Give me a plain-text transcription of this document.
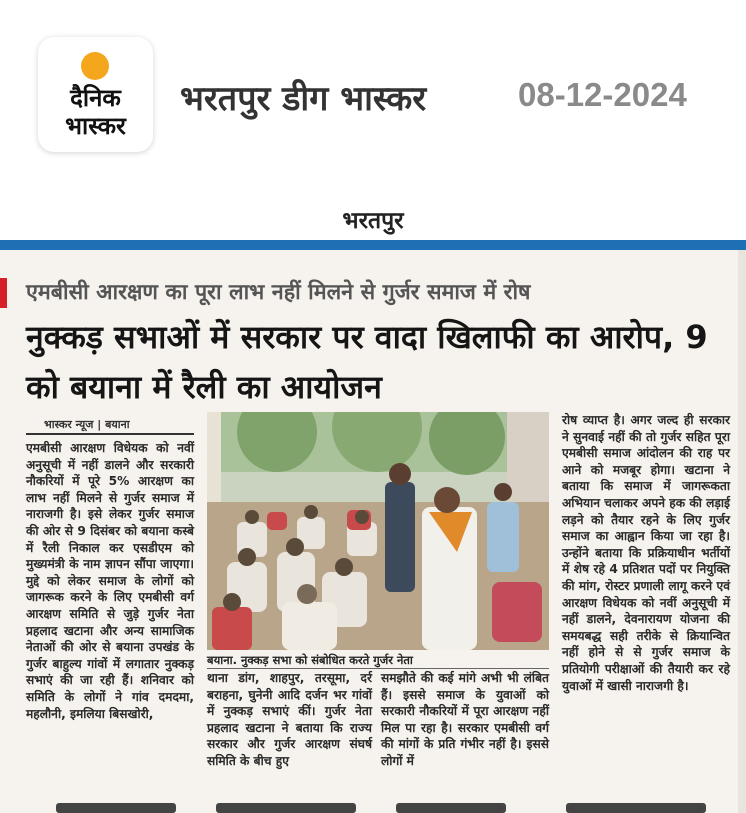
दैनिक
भास्कर
भरतपुर डीग भास्कर	08-12-2024
भरतपुर
एमबीसी आरक्षण का पूरा लाभ नहीं मिलने से गुर्जर समाज में रोष
नुक्कड़ सभाओं में सरकार पर वादा खिलाफी का आरोप, 9 को बयाना में रैली का आयोजन
भास्कर न्यूज | बयाना
एमबीसी आरक्षण विधेयक को नवीं अनुसूची में नहीं डालने और सरकारी नौकरियों में पूरे 5% आरक्षण का लाभ नहीं मिलने से गुर्जर समाज में नाराजगी है। इसे लेकर गुर्जर समाज की ओर से 9 दिसंबर को बयाना कस्बे में रैली निकाल कर एसडीएम को मुख्यमंत्री के नाम ज्ञापन सौंपा जाएगा। मुद्दे को लेकर समाज के लोगों को जागरूक करने के लिए एमबीसी वर्ग आरक्षण समिति से जुड़े गुर्जर नेता प्रहलाद खटाना और अन्य सामाजिक नेताओं की ओर से बयाना उपखंड के गुर्जर बाहुल्य गांवों में लगातार नुक्कड़ सभाएं की जा रही हैं। शनिवार को समिति के लोगों ने गांव दमदमा, महलौनी, इमलिया बिसखोरी,
बयाना. नुक्कड़ सभा को संबोधित करते गुर्जर नेता
थाना डांग, शाहपुर, तरसूमा, दर्र बराहना, घुनेनी आदि दर्जन भर गांवों में नुक्कड़ सभाएं कीं। गुर्जर नेता प्रहलाद खटाना ने बताया कि राज्य सरकार और गुर्जर आरक्षण संघर्ष समिति के बीच हुए
समझौते की कई मांगे अभी भी लंबित हैं। इससे समाज के युवाओं को सरकारी नौकरियों में पूरा आरक्षण नहीं मिल पा रहा है। सरकार एमबीसी वर्ग की मांगों के प्रति गंभीर नहीं है। इससे लोगों में
रोष व्याप्त है। अगर जल्द ही सरकार ने सुनवाई नहीं की तो गुर्जर सहित पूरा एमबीसी समाज आंदोलन की राह पर आने को मजबूर होगा। खटाना ने बताया कि समाज में जागरूकता अभियान चलाकर अपने हक की लड़ाई लड़ने को तैयार रहने के लिए गुर्जर समाज का आह्वान किया जा रहा है। उन्होंने बताया कि प्रक्रियाधीन भर्तीयों में शेष रहे 4 प्रतिशत पदों पर नियुक्ति की मांग, रोस्टर प्रणाली लागू करने एवं आरक्षण विधेयक को नवीं अनुसूची में नहीं डालने, देवनारायण योजना की समयबद्ध सही तरीके से क्रियान्वित नहीं होने से से गुर्जर समाज के प्रतियोगी परीक्षाओं की तैयारी कर रहे युवाओं में खासी नाराजगी है।
